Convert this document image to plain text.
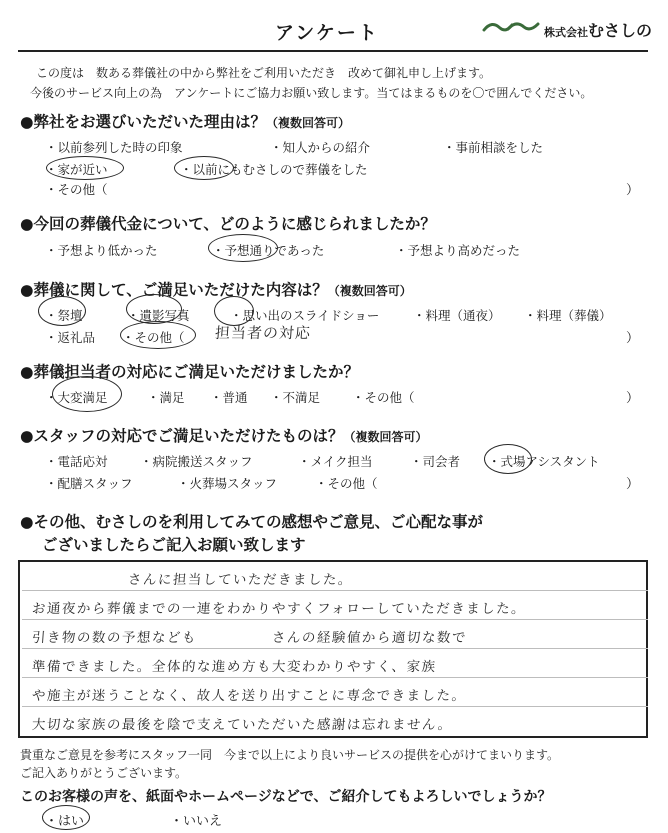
アンケート	株式会社むさしの
この度は　数ある葬儀社の中から弊社をご利用いただき　改めて御礼申し上げます。
今後のサービス向上の為　アンケートにご協力お願い致します。当てはまるものを〇で囲んでください。
●弊社をお選びいただいた理由は？（複数回答可）
・以前参列した時の印象	・知人からの紹介	・事前相談をした
・家が近い	・以前にもむさしので葬儀をした
・その他（	）
●今回の葬儀代金について、どのように感じられましたか？
・予想より低かった	・予想通りであった	・予想より高めだった
●葬儀に関して、ご満足いただけた内容は？（複数回答可）
・祭壇	・遺影写真	・思い出のスライドショー	・料理（通夜） ・料理（葬儀）
・返礼品 ・その他（ 担当者の対応	）
●葬儀担当者の対応にご満足いただけましたか？
・大変満足	・満足 ・普通 ・不満足	・その他（	）
●スタッフの対応でご満足いただけたものは？（複数回答可）
・電話応対	・病院搬送スタッフ	・メイク担当	・司会者 ・式場アシスタント
・配膳スタッフ	・火葬場スタッフ	・その他（	）
●その他、むさしのを利用してみての感想やご意見、ご心配な事が
ございましたらご記入お願い致します
　　さんに担当していただきました。
お通夜から葬儀までの一連をわかりやすくフォローしていただきました。
引き物の数の予想なども　　　　　さんの経験値から適切な数で
準備できました。全体的な進め方も大変わかりやすく、家族
や施主が迷うことなく、故人を送り出すことに専念できました。
大切な家族の最後を陰で支えていただいた感謝は忘れません。
貴重なご意見を参考にスタッフ一同　今まで以上により良いサービスの提供を心がけてまいります。
ご記入ありがとうございます。
このお客様の声を、紙面やホームページなどで、ご紹介してもよろしいでしょうか？
・はい	・いいえ
